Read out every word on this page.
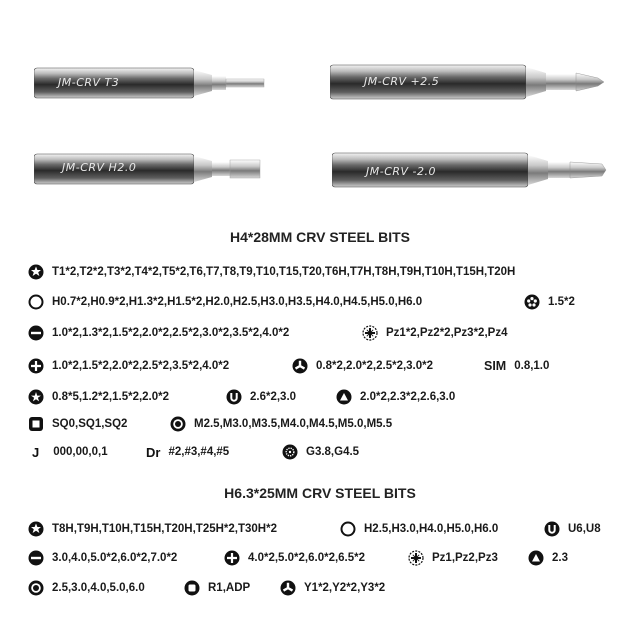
JM-CRV T3	JM-CRV +2.5
JM-CRV H2.0	JM-CRV -2.0
H4*28MM CRV STEEL BITS
T1*2,T2*2,T3*2,T4*2,T5*2,T6,T7,T8,T9,T10,T15,T20,T6H,T7H,T8H,T9H,T10H,T15H,T20H
H0.7*2,H0.9*2,H1.3*2,H1.5*2,H2.0,H2.5,H3.0,H3.5,H4.0,H4.5,H5.0,H6.0	1.5*2
1.0*2,1.3*2,1.5*2,2.0*2,2.5*2,3.0*2,3.5*2,4.0*2	Pz1*2,Pz2*2,Pz3*2,Pz4
1.0*2,1.5*2,2.0*2,2.5*2,3.5*2,4.0*2	0.8*2,2.0*2,2.5*2,3.0*2	SIM 0.8,1.0
0.8*5,1.2*2,1.5*2,2.0*2	2.6*2,3.0	2.0*2,2.3*2,2.6,3.0
SQ0,SQ1,SQ2	M2.5,M3.0,M3.5,M4.0,M4.5,M5.0,M5.5
J 000,00,0,1	Dr #2,#3,#4,#5	G3.8,G4.5
H6.3*25MM CRV STEEL BITS
T8H,T9H,T10H,T15H,T20H,T25H*2,T30H*2	H2.5,H3.0,H4.0,H5.0,H6.0	U6,U8
3.0,4.0,5.0*2,6.0*2,7.0*2	4.0*2,5.0*2,6.0*2,6.5*2	Pz1,Pz2,Pz3	2.3
2.5,3.0,4.0,5.0,6.0	R1,ADP	Y1*2,Y2*2,Y3*2
